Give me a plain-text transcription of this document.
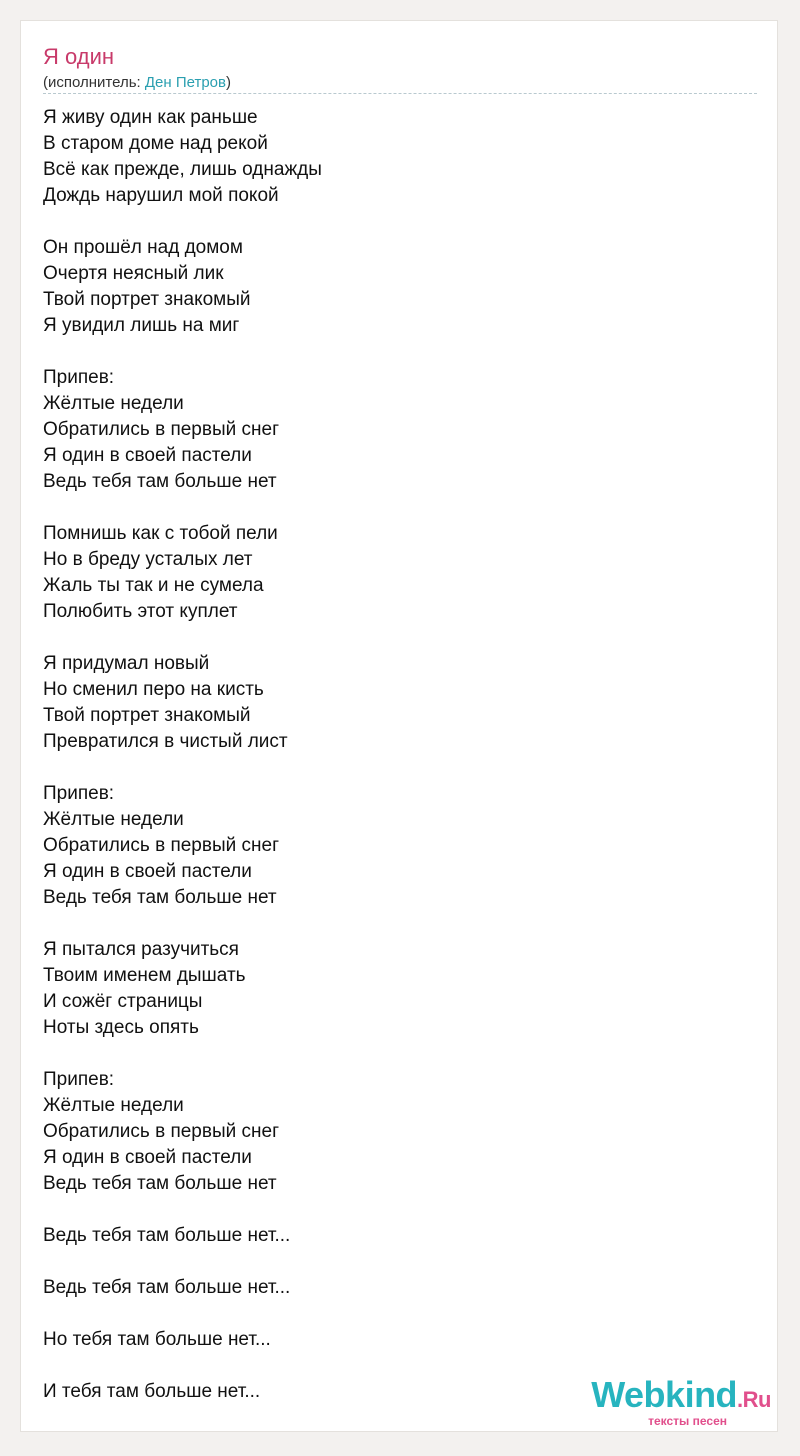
Я один
(исполнитель: Ден Петров)
Я живу один как раньше
В старом доме над рекой
Всё как прежде, лишь однажды
Дождь нарушил мой покой
Он прошёл над домом
Очертя неясный лик
Твой портрет знакомый
Я увидил лишь на миг
Припев:
Жёлтые недели
Обратились в первый снег
Я один в своей пастели
Ведь тебя там больше нет
Помнишь как с тобой пели
Но в бреду усталых лет
Жаль ты так и не сумела
Полюбить этот куплет
Я придумал новый
Но сменил перо на кисть
Твой портрет знакомый
Превратился в чистый лист
Припев:
Жёлтые недели
Обратились в первый снег
Я один в своей пастели
Ведь тебя там больше нет
Я пытался разучиться
Твоим именем дышать
И сожёг страницы
Ноты здесь опять
Припев:
Жёлтые недели
Обратились в первый снег
Я один в своей пастели
Ведь тебя там больше нет
Ведь тебя там больше нет...
Ведь тебя там больше нет...
Но тебя там больше нет...
И тебя там больше нет...	Webkind.Ru
тексты песен
